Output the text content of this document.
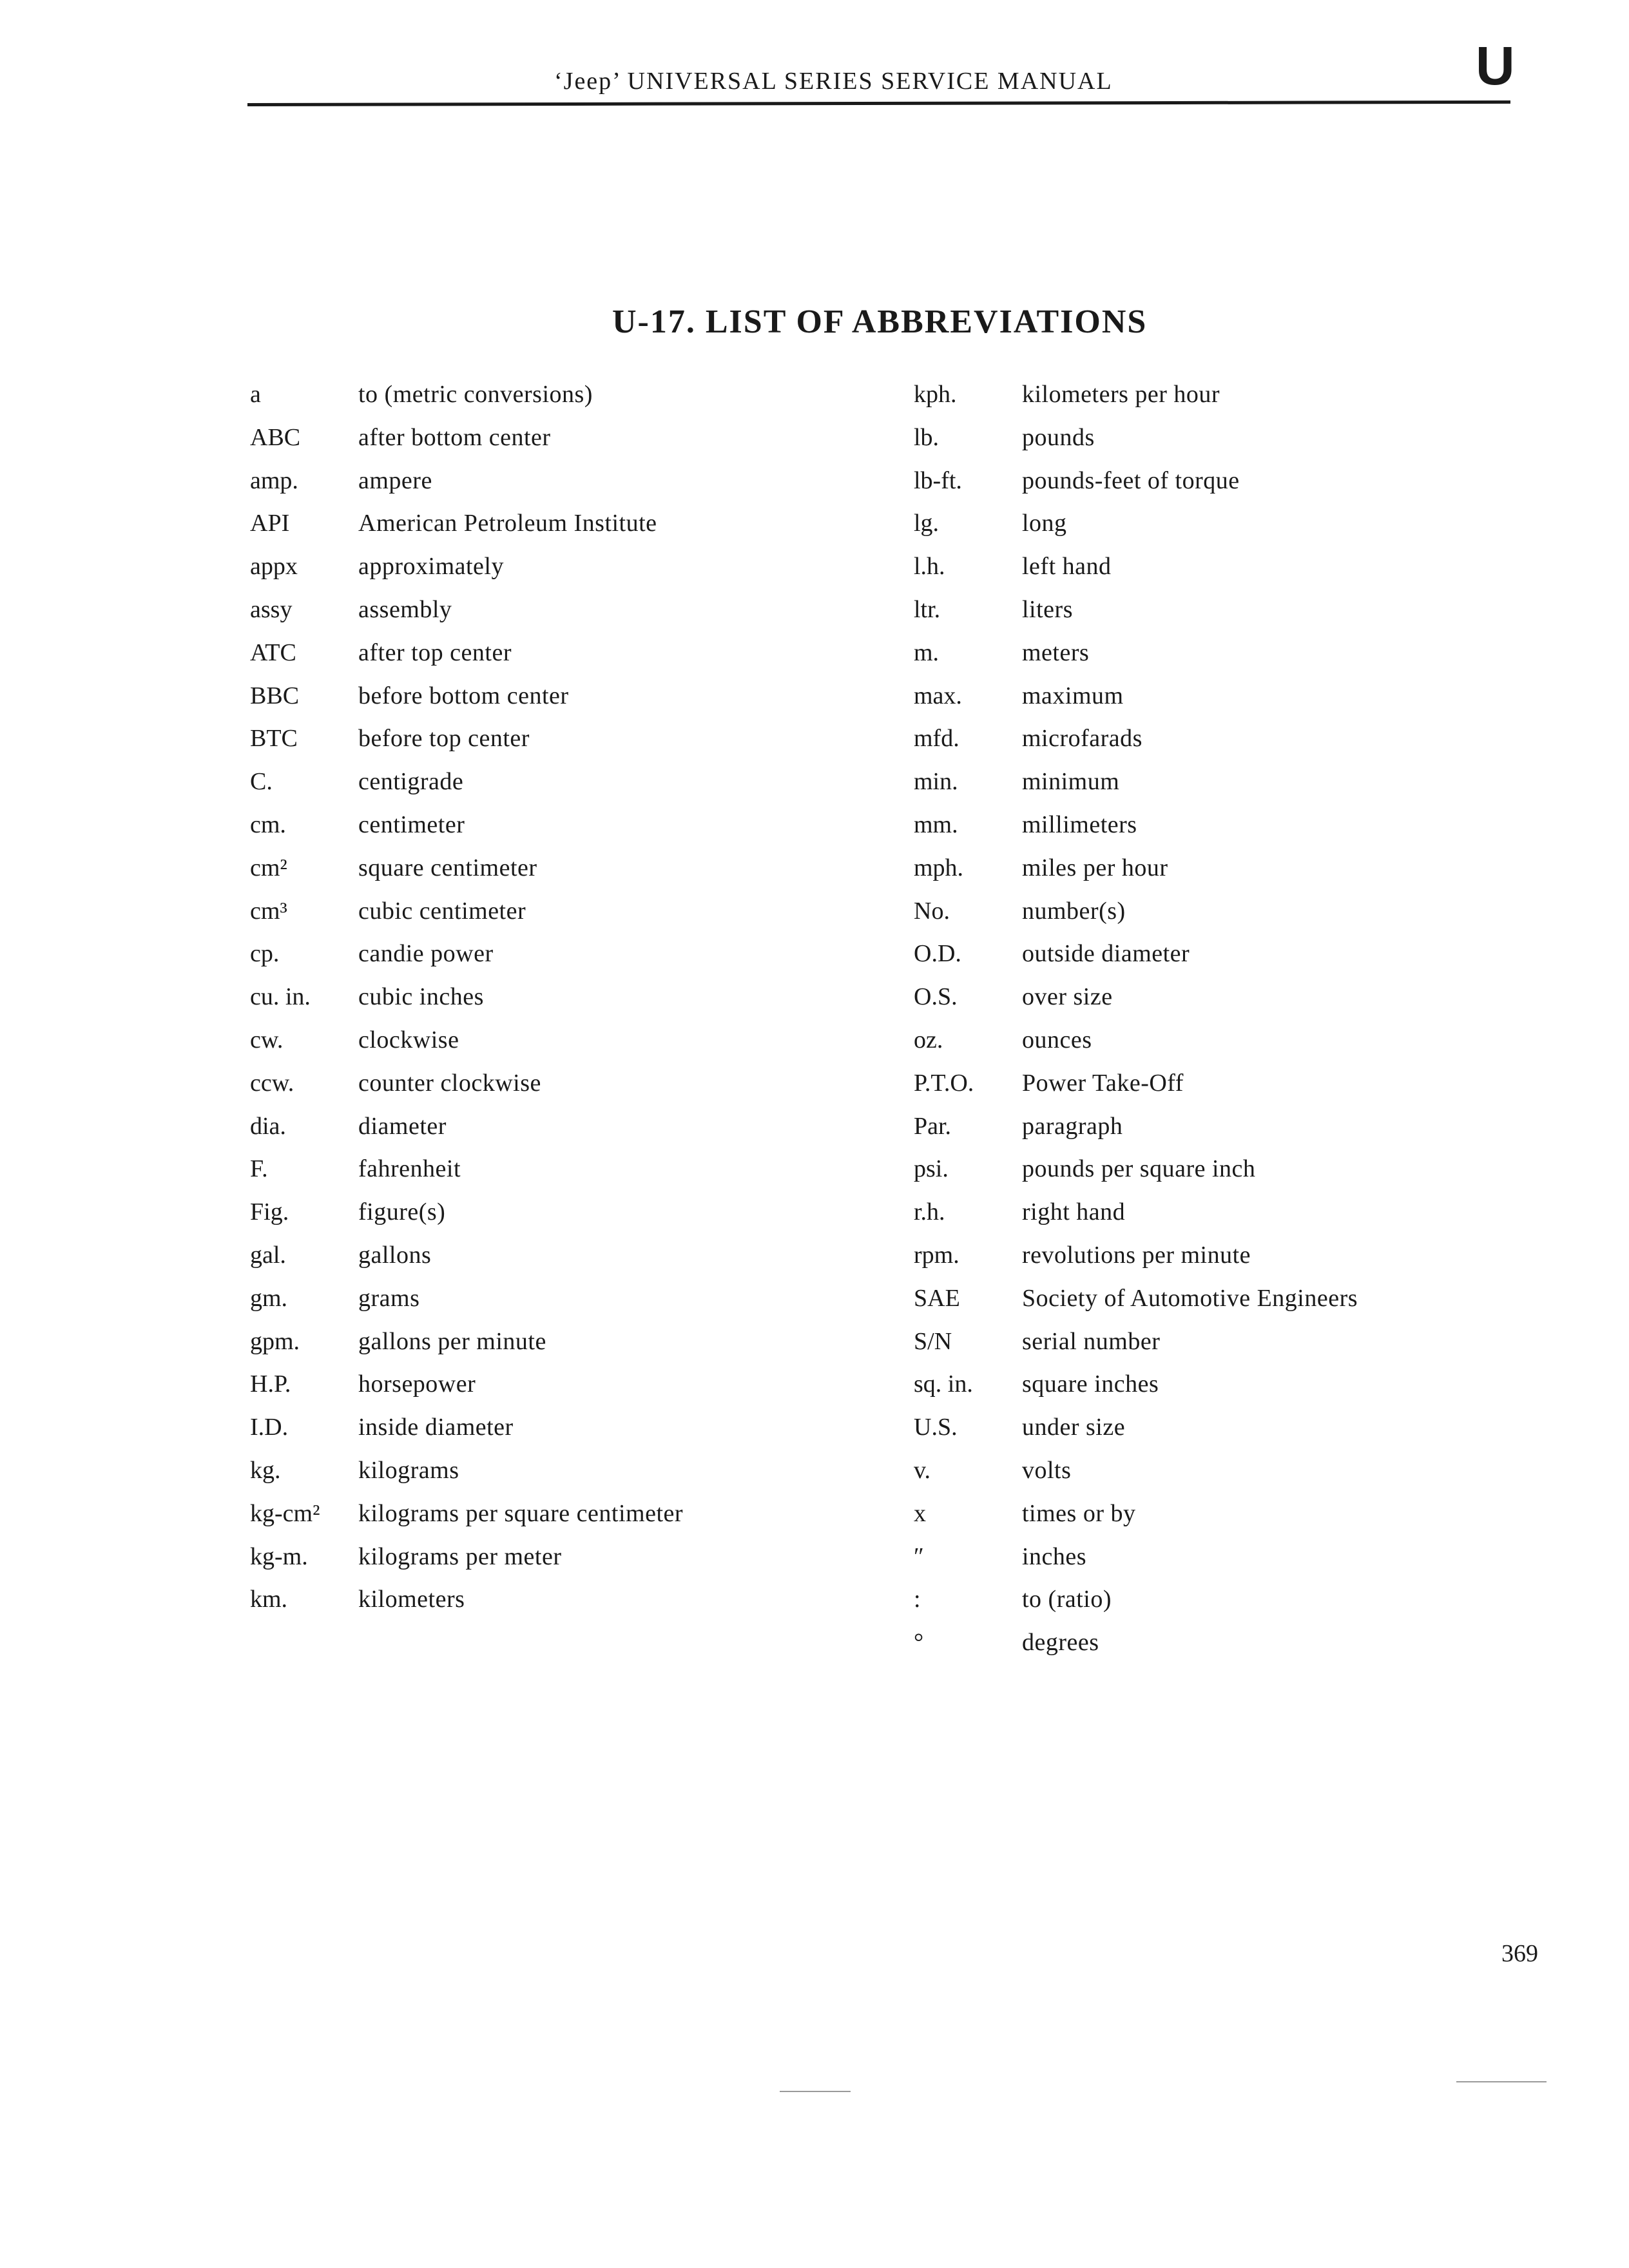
‘Jeep’ UNIVERSAL SERIES SERVICE MANUAL	U
U-17. LIST OF ABBREVIATIONS
a	to (metric conversions)
ABC	after bottom center
amp.	ampere
API	American Petroleum Institute
appx	approximately
assy	assembly
ATC	after top center
BBC	before bottom center
BTC	before top center
C.	centigrade
cm.	centimeter
cm²	square centimeter
cm³	cubic centimeter
cp.	candie power
cu. in.	cubic inches
cw.	clockwise
ccw.	counter clockwise
dia.	diameter
F.	fahrenheit
Fig.	figure(s)
gal.	gallons
gm.	grams
gpm.	gallons per minute
H.P.	horsepower
I.D.	inside diameter
kg.	kilograms
kg-cm²	kilograms per square centimeter
kg-m.	kilograms per meter
km.	kilometers
kph.	kilometers per hour
lb.	pounds
lb-ft.	pounds-feet of torque
lg.	long
l.h.	left hand
ltr.	liters
m.	meters
max.	maximum
mfd.	microfarads
min.	minimum
mm.	millimeters
mph.	miles per hour
No.	number(s)
O.D.	outside diameter
O.S.	over size
oz.	ounces
P.T.O.	Power Take-Off
Par.	paragraph
psi.	pounds per square inch
r.h.	right hand
rpm.	revolutions per minute
SAE	Society of Automotive Engineers
S/N	serial number
sq. in.	square inches
U.S.	under size
v.	volts
x	times or by
″	inches
:	to (ratio)
°	degrees
369
